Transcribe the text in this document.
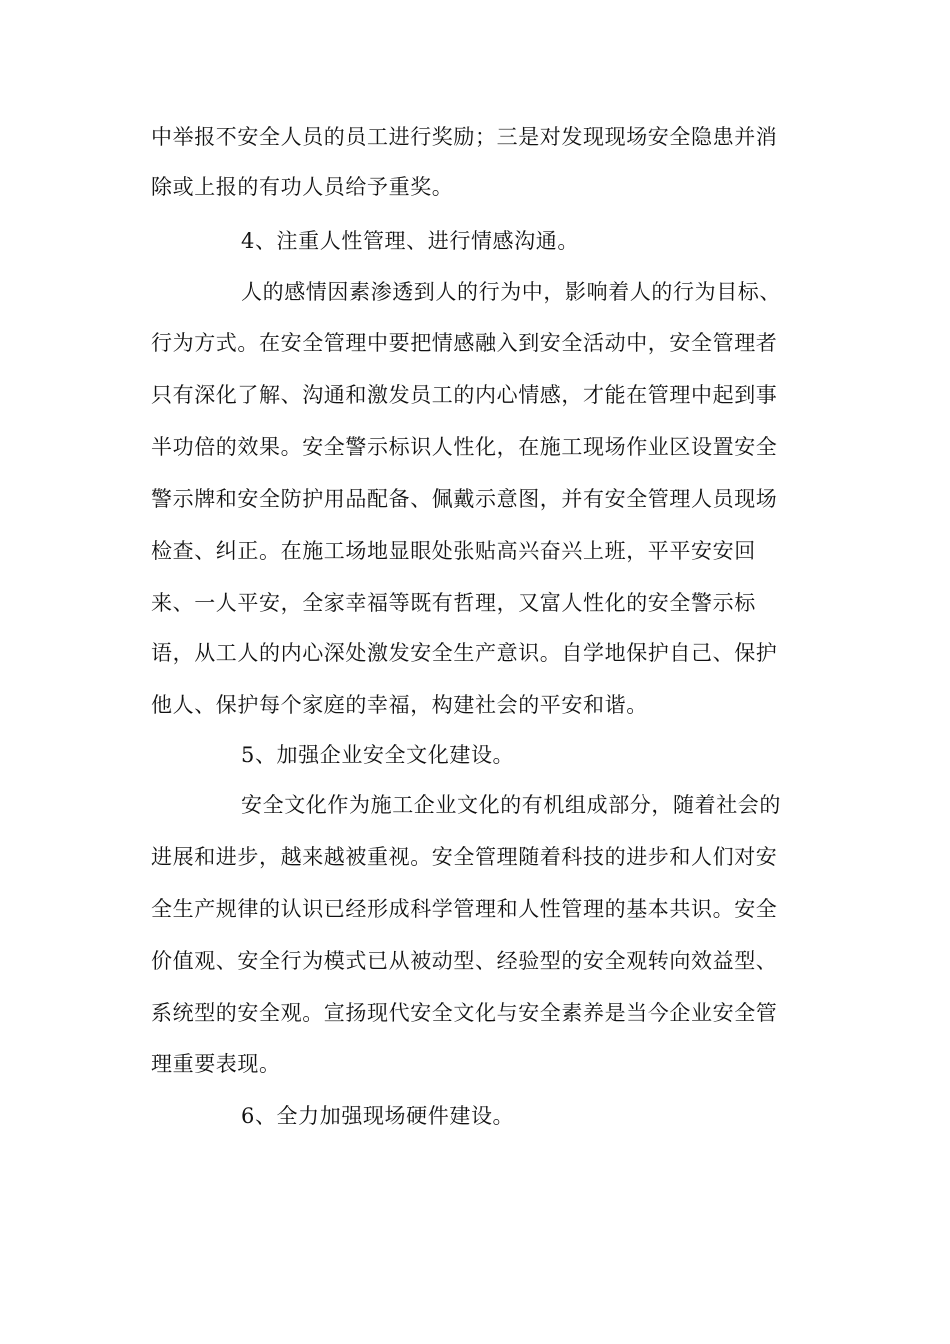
中举报不安全人员的员工进行奖励；三是对发现现场安全隐患并消
除或上报的有功人员给予重奖。
4、注重人性管理、进行情感沟通。
人的感情因素渗透到人的行为中，影响着人的行为目标、
行为方式。在安全管理中要把情感融入到安全活动中，安全管理者
只有深化了解、沟通和激发员工的内心情感，才能在管理中起到事
半功倍的效果。安全警示标识人性化，在施工现场作业区设置安全
警示牌和安全防护用品配备、佩戴示意图，并有安全管理人员现场
检查、纠正。在施工场地显眼处张贴高兴奋兴上班，平平安安回
来、一人平安，全家幸福等既有哲理，又富人性化的安全警示标
语，从工人的内心深处激发安全生产意识。自学地保护自己、保护
他人、保护每个家庭的幸福，构建社会的平安和谐。
5、加强企业安全文化建设。
安全文化作为施工企业文化的有机组成部分，随着社会的
进展和进步，越来越被重视。安全管理随着科技的进步和人们对安
全生产规律的认识已经形成科学管理和人性管理的基本共识。安全
价值观、安全行为模式已从被动型、经验型的安全观转向效益型、
系统型的安全观。宣扬现代安全文化与安全素养是当今企业安全管
理重要表现。
6、全力加强现场硬件建设。
